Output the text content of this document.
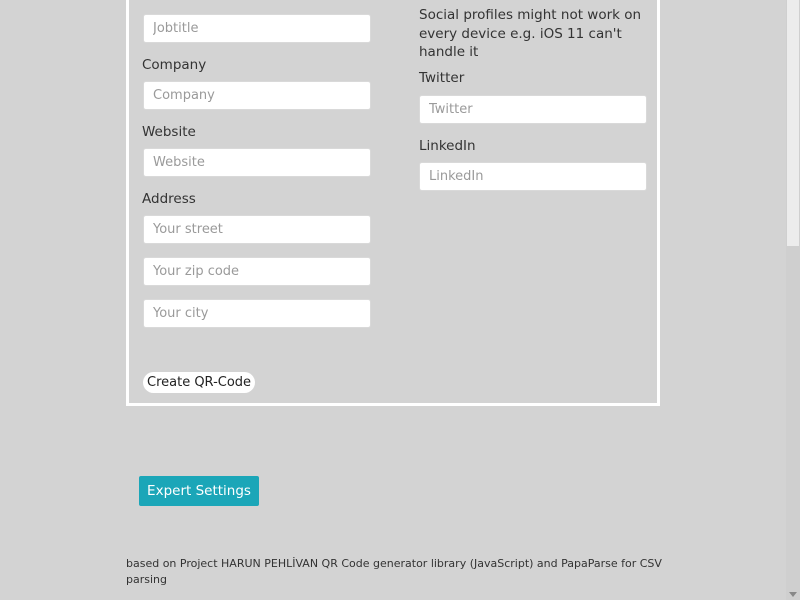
Jobtitle
Company
Company
Website
Website
Address
Your street
Your zip code
Your city
Create QR-Code
Social profiles might not work on every device e.g. iOS 11 can't handle it
Twitter
Twitter
LinkedIn
LinkedIn
Expert Settings
based on Project HARUN PEHLİVAN QR Code generator library (JavaScript) and PapaParse for CSV parsing
